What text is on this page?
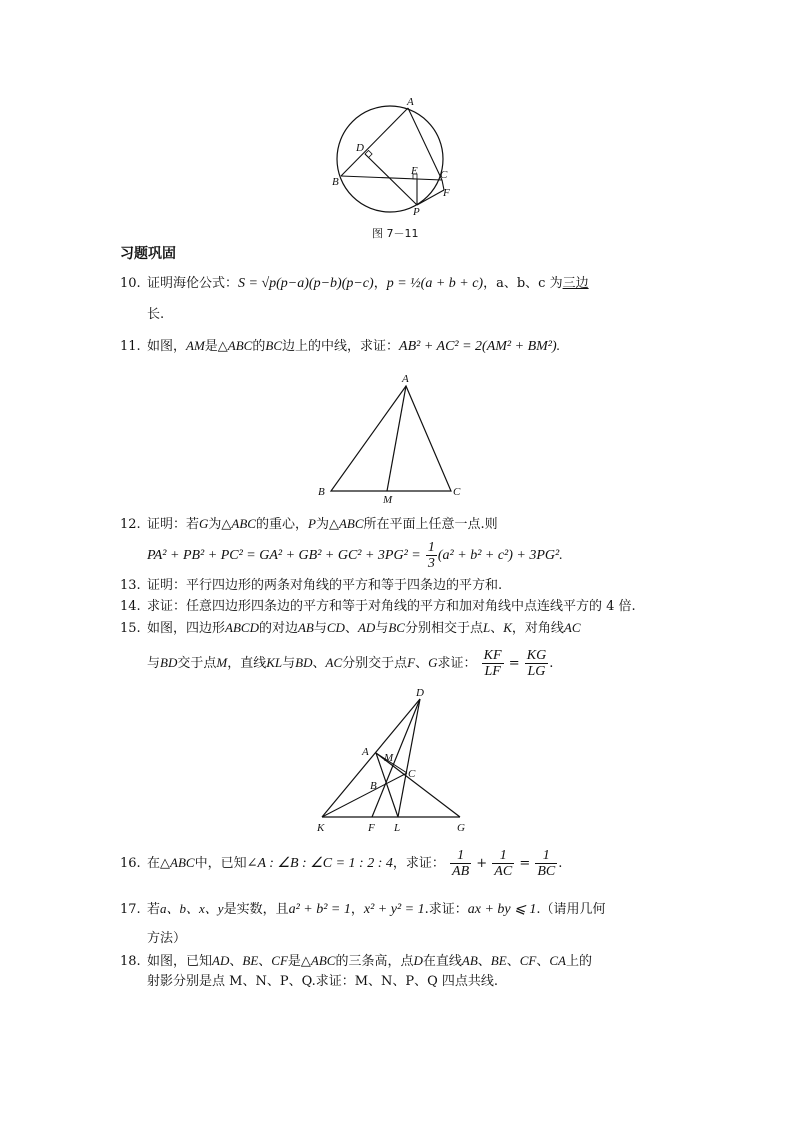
A
D
B
E C
F
P
图 7－11
习题巩固
10. 证明海伦公式：S = √p(p−a)(p−b)(p−c)，p = ½(a + b + c)，a、b、c 为三边
长.
11. 如图，AM是△ABC的BC边上的中线，求证：AB² + AC² = 2(AM² + BM²).
A
B
M
C
12. 证明：若G为△ABC的重心，P为△ABC所在平面上任意一点.则
$PA^2 + PB^2 + PC^2 = GA^2 + GB^2 + GC^2 + 3PG^2 = \frac{1}{3} (a^2 + b^2 + c^2) + 3PG^2$.
13. 证明：平行四边形的两条对角线的平方和等于四条边的平方和.
14. 求证：任意四边形四条边的平方和等于对角线的平方和加对角线中点连线平方的 4 倍.
15. 如图，四边形ABCD的对边AB与CD、AD与BC分别相交于点L、K，对角线AC
与BD交于点M，直线KL与BD、AC分别交于点F、G求证： $\frac{KF}{LF} = \frac{KG}{LG}$ .
D
A M
C
B
K	F L	G
16. 在△ABC中，已知∠A : ∠B : ∠C = 1 : 2 : 4，求证： $\frac{1}{AB} + \frac{1}{AC} = \frac{1}{BC}$ .
17. 若a、b、x、y是实数，且a² + b² = 1，x² + y² = 1.求证：ax + by ⩽ 1.（请用几何
方法）
18. 如图，已知AD、BE、CF是△ABC的三条高，点D在直线AB、BE、CF、CA上的
射影分别是点 M、N、P、Q.求证：M、N、P、Q 四点共线.
